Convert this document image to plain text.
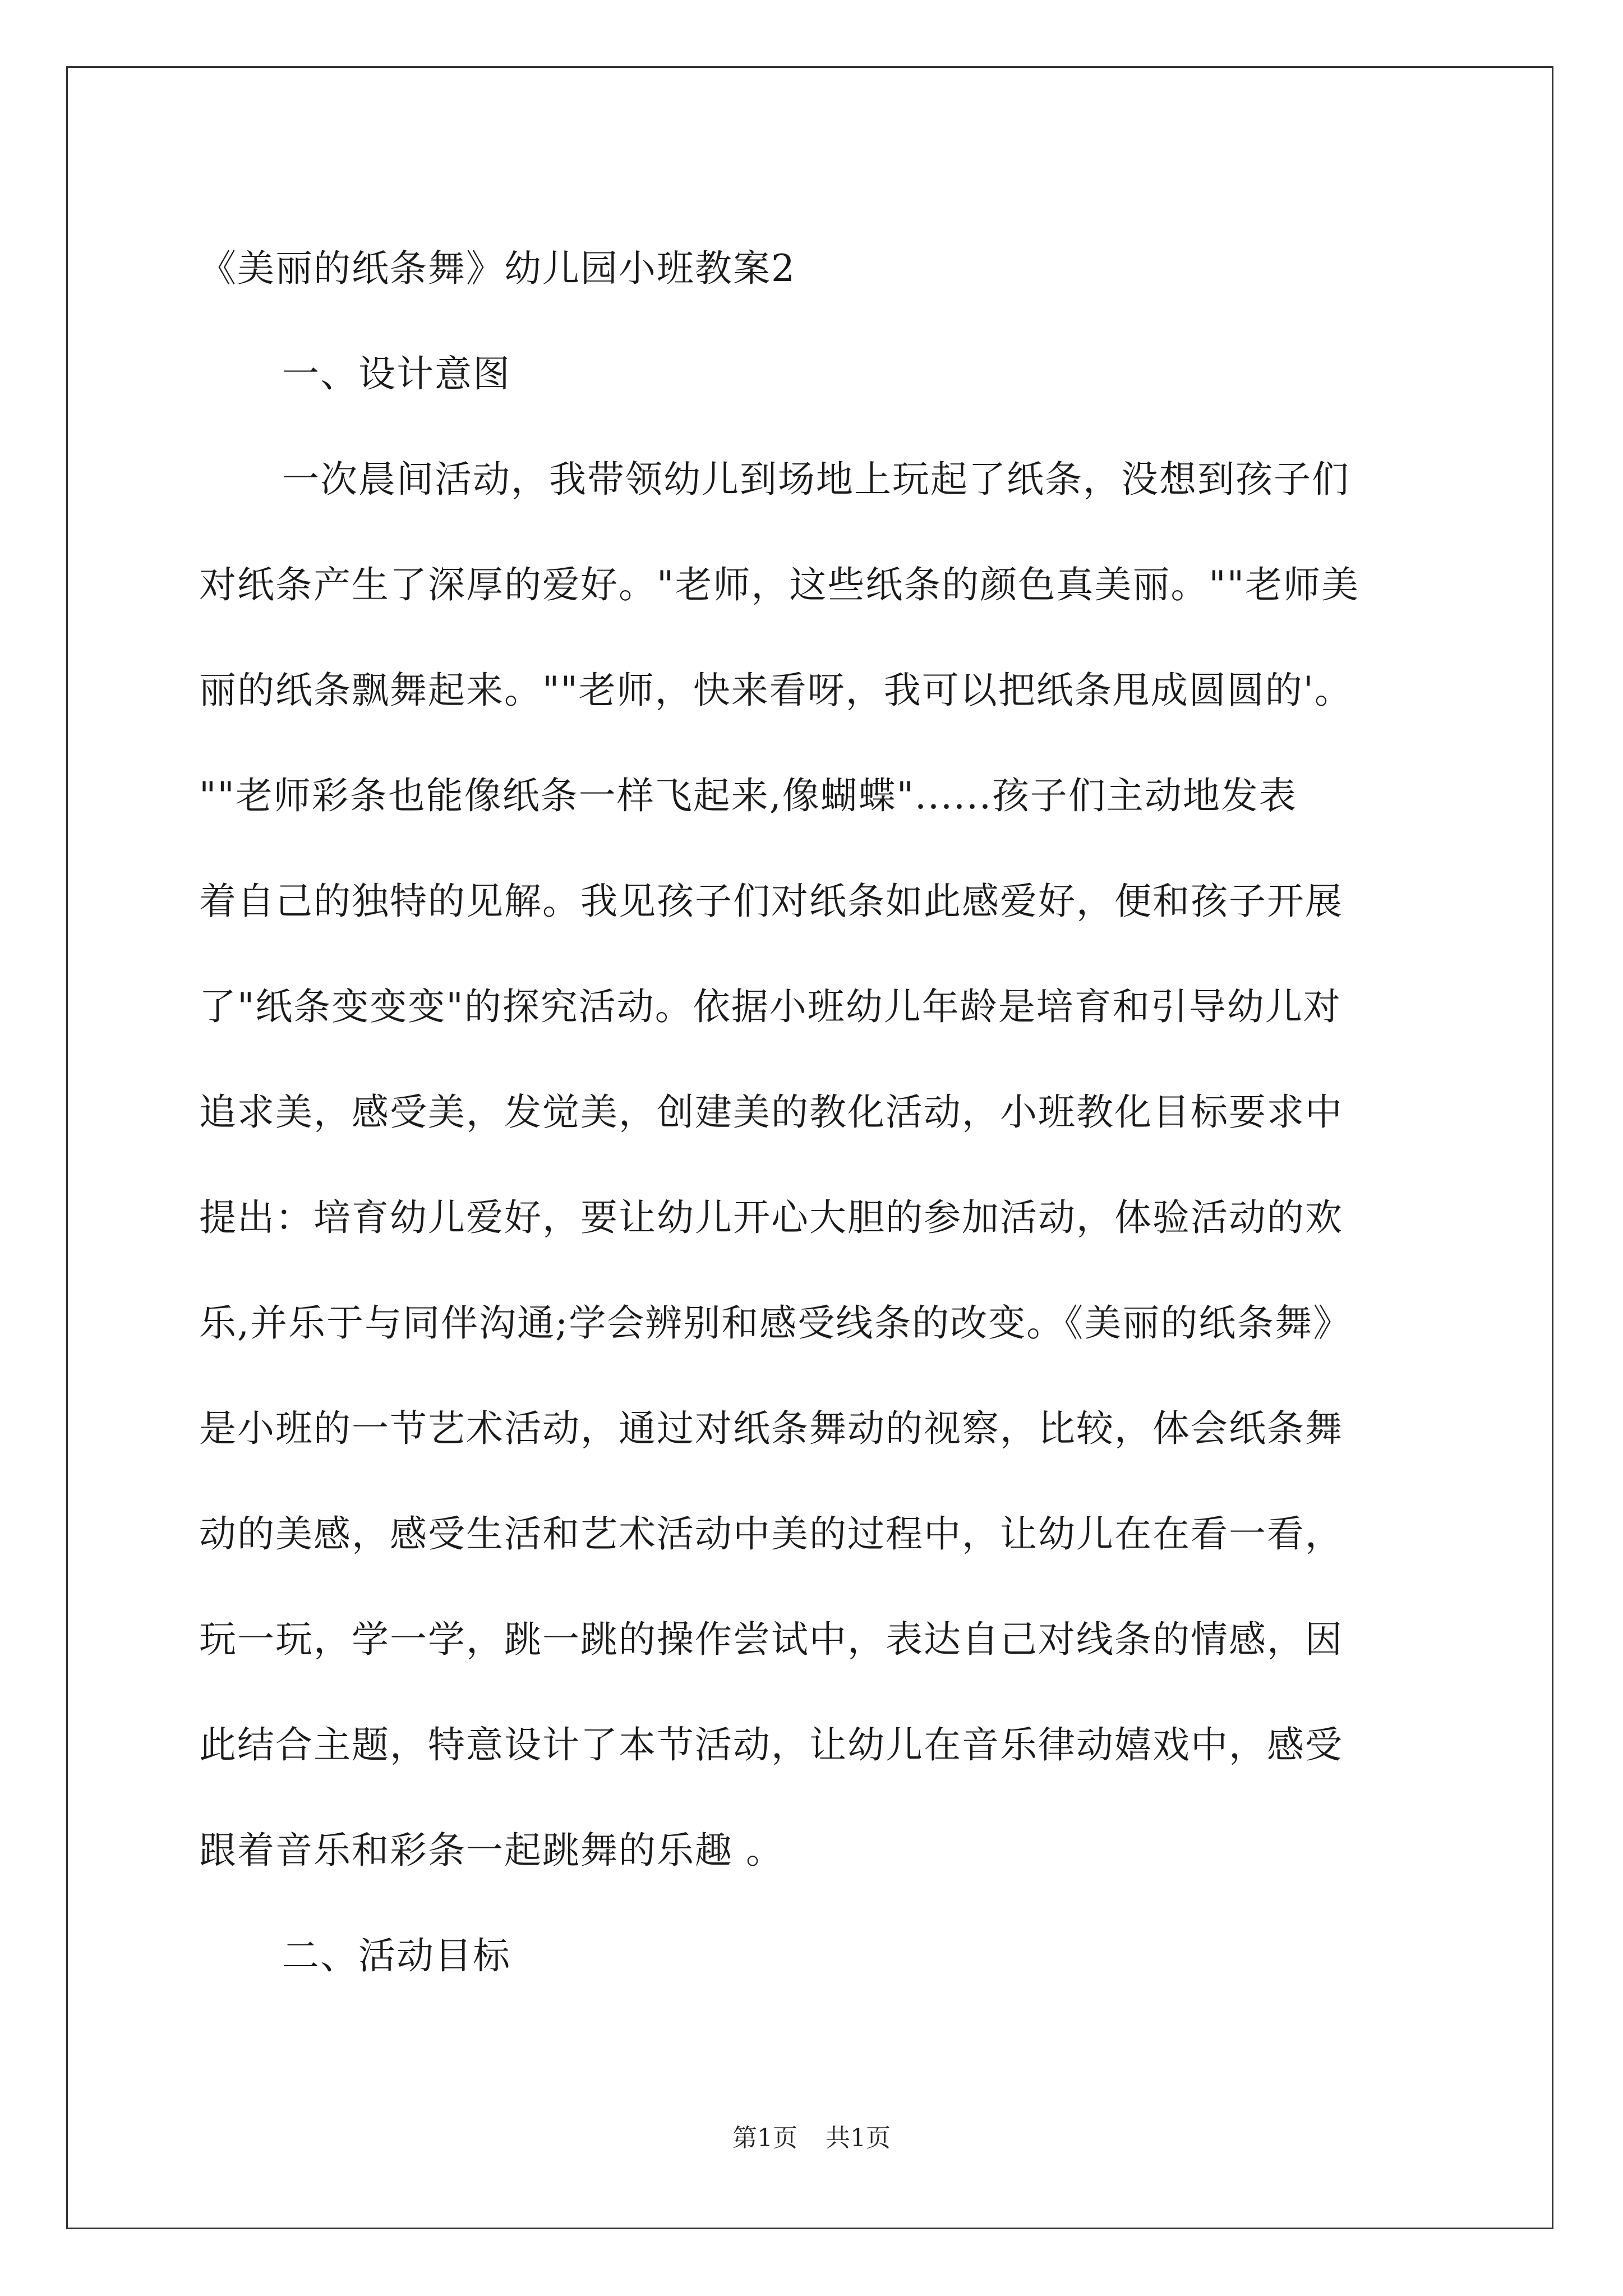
《美丽的纸条舞》幼儿园小班教案2

一、设计意图

一次晨间活动，我带领幼儿到场地上玩起了纸条，没想到孩子们

对纸条产生了深厚的爱好。"老师，这些纸条的颜色真美丽。""老师美

丽的纸条飘舞起来。""老师，快来看呀，我可以把纸条甩成圆圆的'。

""老师彩条也能像纸条一样飞起来,像蝴蝶"......孩子们主动地发表

着自己的独特的见解。我见孩子们对纸条如此感爱好，便和孩子开展

了"纸条变变变"的探究活动。依据小班幼儿年龄是培育和引导幼儿对

追求美，感受美，发觉美，创建美的教化活动，小班教化目标要求中

提出：培育幼儿爱好，要让幼儿开心大胆的参加活动，体验活动的欢

乐,并乐于与同伴沟通;学会辨别和感受线条的改变。《美丽的纸条舞》

是小班的一节艺术活动，通过对纸条舞动的视察，比较，体会纸条舞

动的美感，感受生活和艺术活动中美的过程中，让幼儿在在看一看，

玩一玩，学一学，跳一跳的操作尝试中，表达自己对线条的情感，因

此结合主题，特意设计了本节活动，让幼儿在音乐律动嬉戏中，感受

跟着音乐和彩条一起跳舞的乐趣 。

二、活动目标

第1页 共1页
